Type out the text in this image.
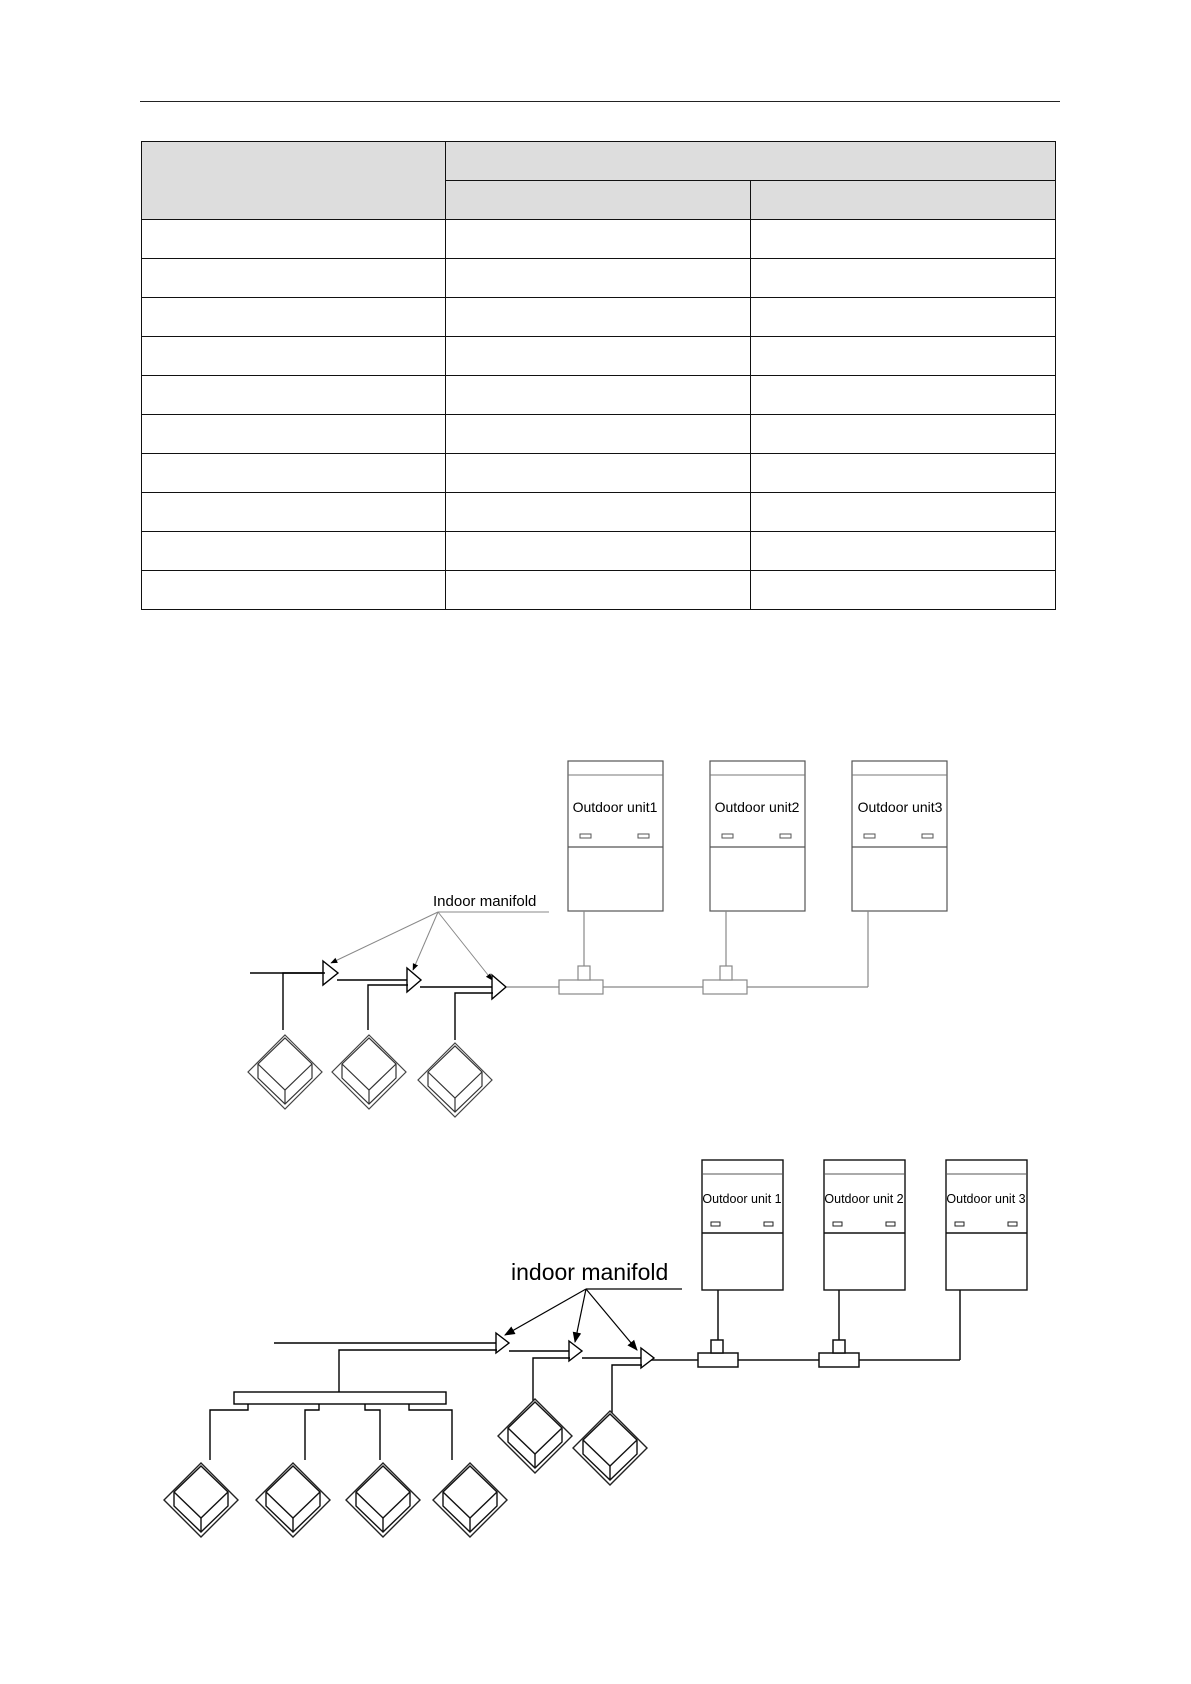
Outdoor unit1	Outdoor unit2	Outdoor unit3
Indoor manifold
Outdoor unit 1	Outdoor unit 2	Outdoor unit 3
indoor manifold
